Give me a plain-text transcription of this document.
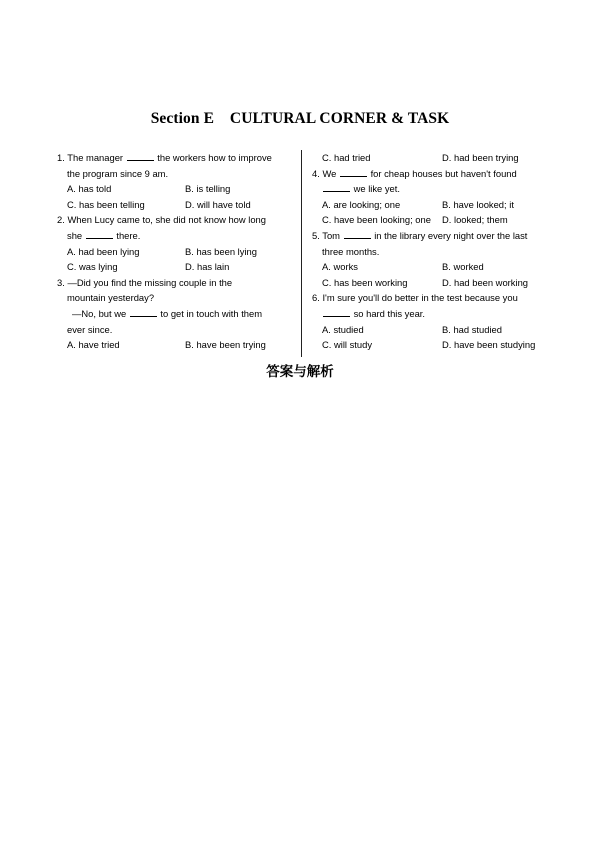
Section E    CULTURAL CORNER & TASK
1. The manager	the workers how to improve
the program since 9 am.
A. has told	B. is telling
C. has been telling	D. will have told
2. When Lucy came to, she did not know how long
she	there.
A. had been lying	B. has been lying
C. was lying	D. has lain
3. —Did you find the missing couple in the
mountain yesterday?
—No, but we	to get in touch with them
ever since.
A. have tried	B. have been trying
C. had tried	D. had been trying
4. We	for cheap houses but haven't found
we like yet.
A. are looking; one	B. have looked; it
C. have been looking; one D. looked; them
5. Tom	in the library every night over the last
three months.
A. works	B. worked
C. has been working	D. had been working
6. I'm sure you'll do better in the test because you
so hard this year.
A. studied	B. had studied
C. will study	D. have been studying
答案与解析
